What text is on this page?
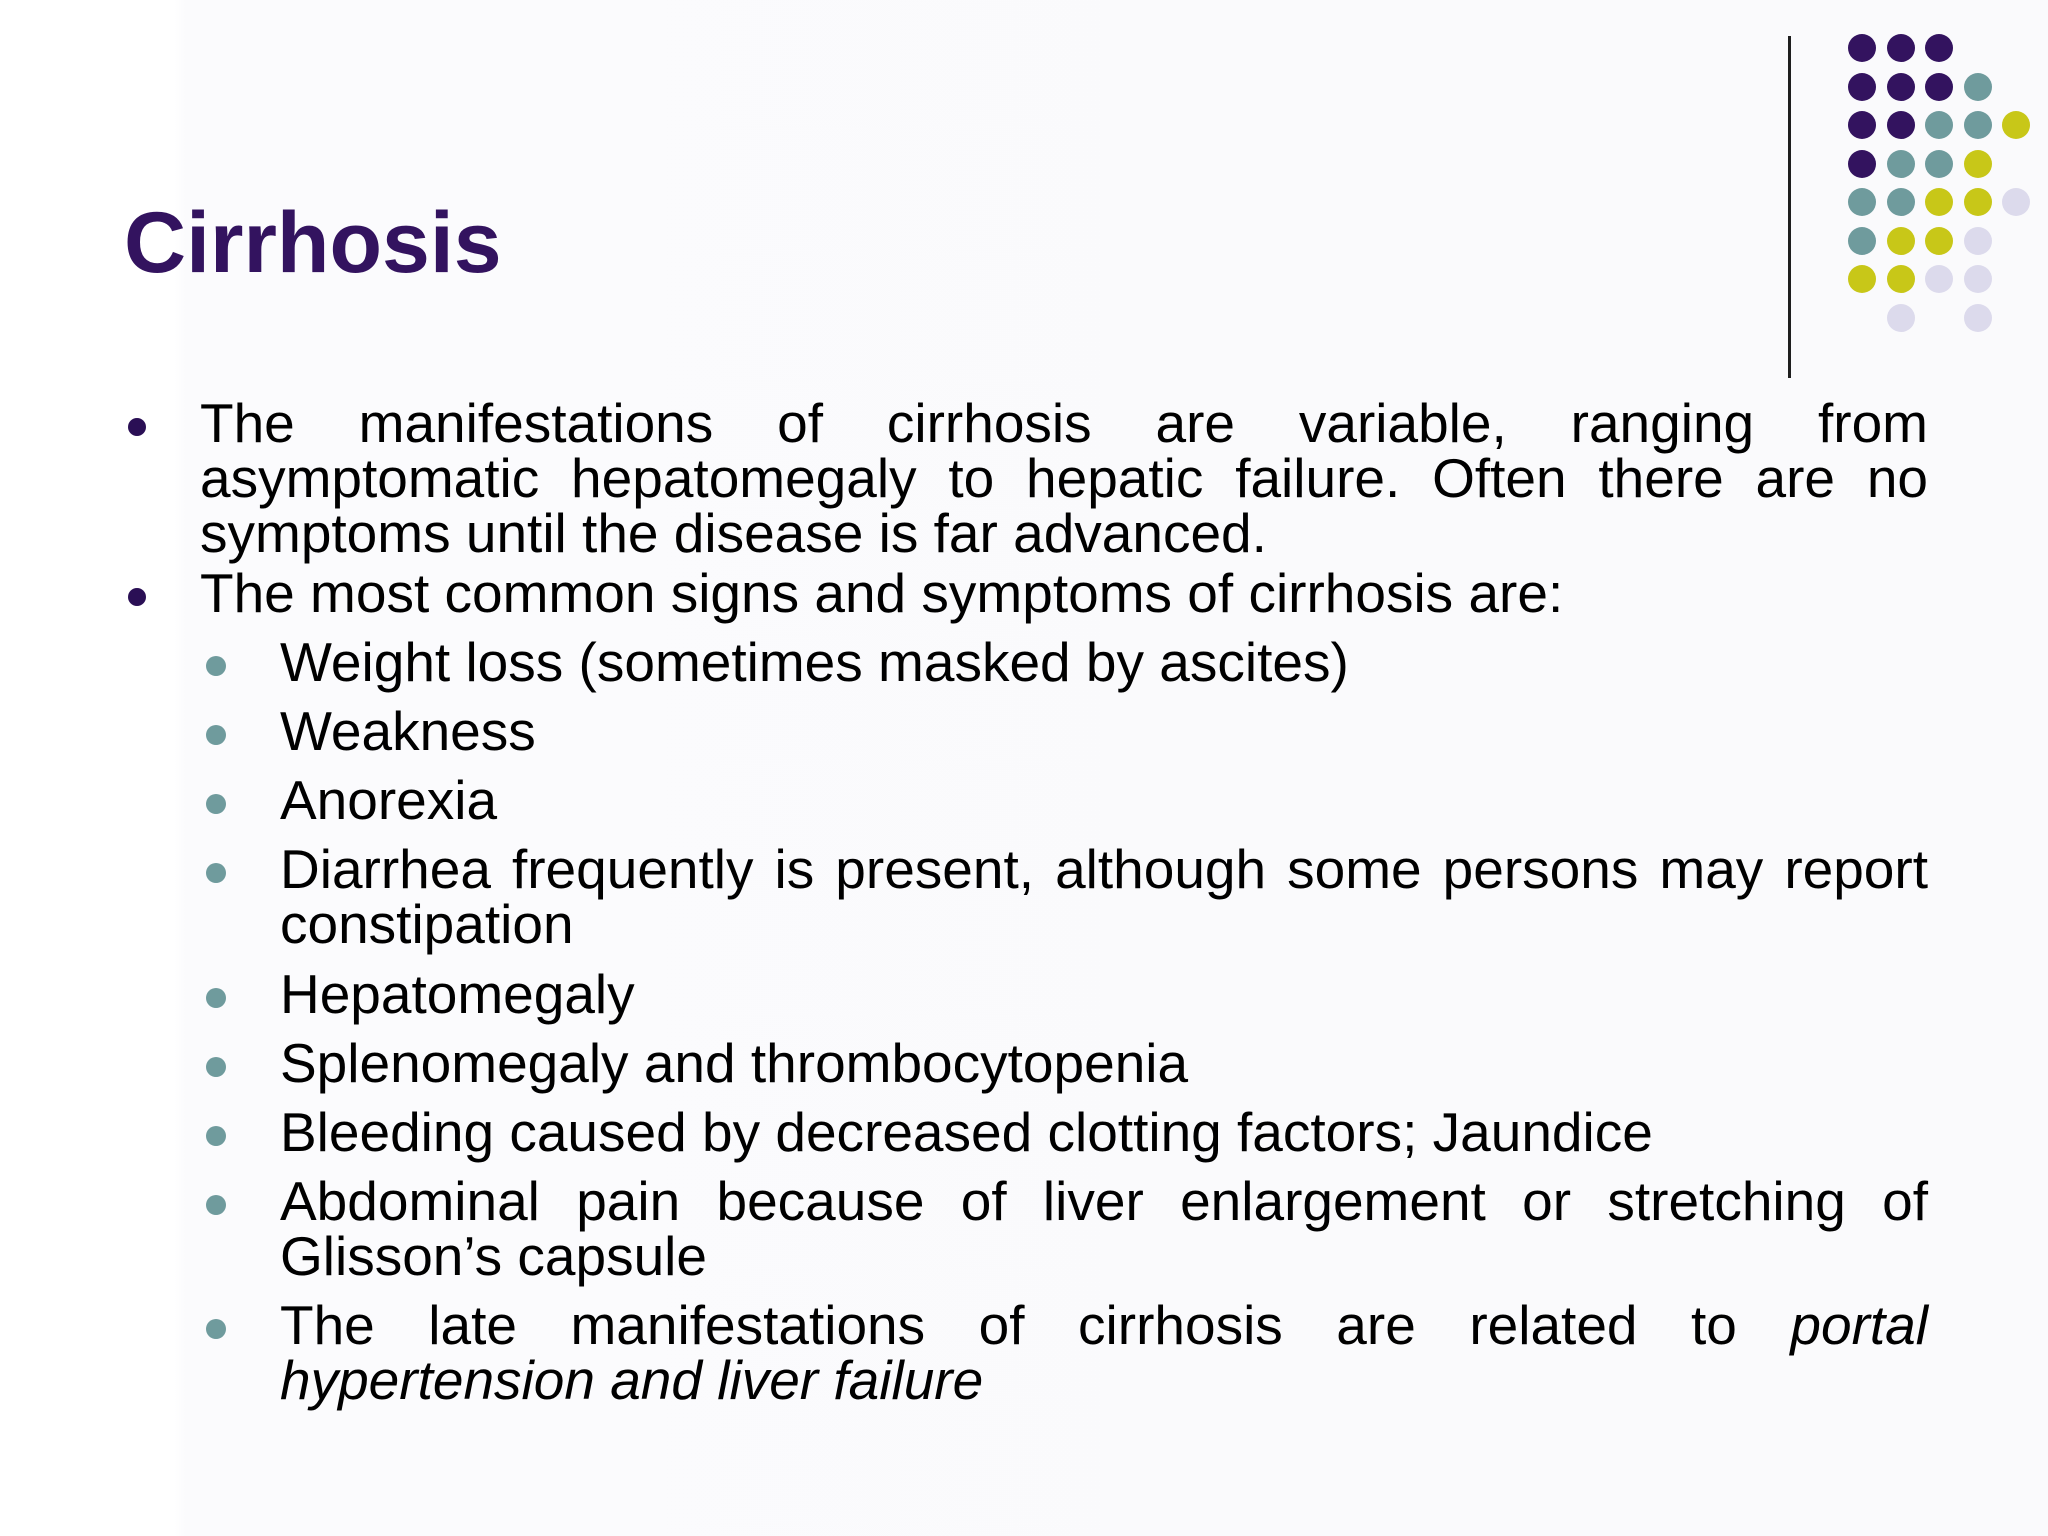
Cirrhosis
The manifestations of cirrhosis are variable, ranging from asymptomatic hepatomegaly to hepatic failure. Often there are no symptoms until the disease is far advanced.
The most common signs and symptoms of cirrhosis are:
Weight loss (sometimes masked by ascites)
Weakness
Anorexia
Diarrhea frequently is present, although some persons may report constipation
Hepatomegaly
Splenomegaly and thrombocytopenia
Bleeding caused by decreased clotting factors; Jaundice
Abdominal pain because of liver enlargement or stretching of Glisson’s capsule
The late manifestations of cirrhosis are related to portal hypertension and liver failure
